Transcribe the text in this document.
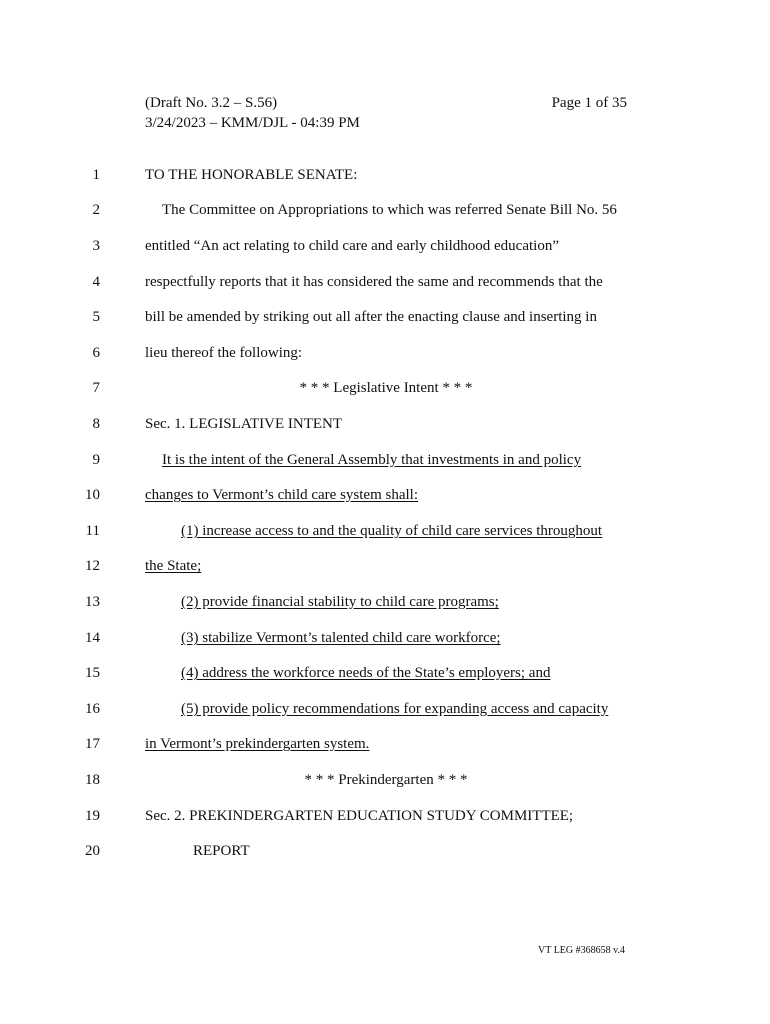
(Draft No. 3.2 – S.56)	Page 1 of 35
3/24/2023 – KMM/DJL - 04:39 PM
1	TO THE HONORABLE SENATE:
2	The Committee on Appropriations to which was referred Senate Bill No. 56
3	entitled “An act relating to child care and early childhood education”
4	respectfully reports that it has considered the same and recommends that the
5	bill be amended by striking out all after the enacting clause and inserting in
6	lieu thereof the following:
7	* * * Legislative Intent * * *
8	Sec. 1. LEGISLATIVE INTENT
9	It is the intent of the General Assembly that investments in and policy
10	changes to Vermont’s child care system shall:
11	(1) increase access to and the quality of child care services throughout
12	the State;
13	(2) provide financial stability to child care programs;
14	(3) stabilize Vermont’s talented child care workforce;
15	(4) address the workforce needs of the State’s employers; and
16	(5) provide policy recommendations for expanding access and capacity
17	in Vermont’s prekindergarten system.
18	* * * Prekindergarten * * *
19	Sec. 2. PREKINDERGARTEN EDUCATION STUDY COMMITTEE;
20	REPORT
VT LEG #368658 v.4
